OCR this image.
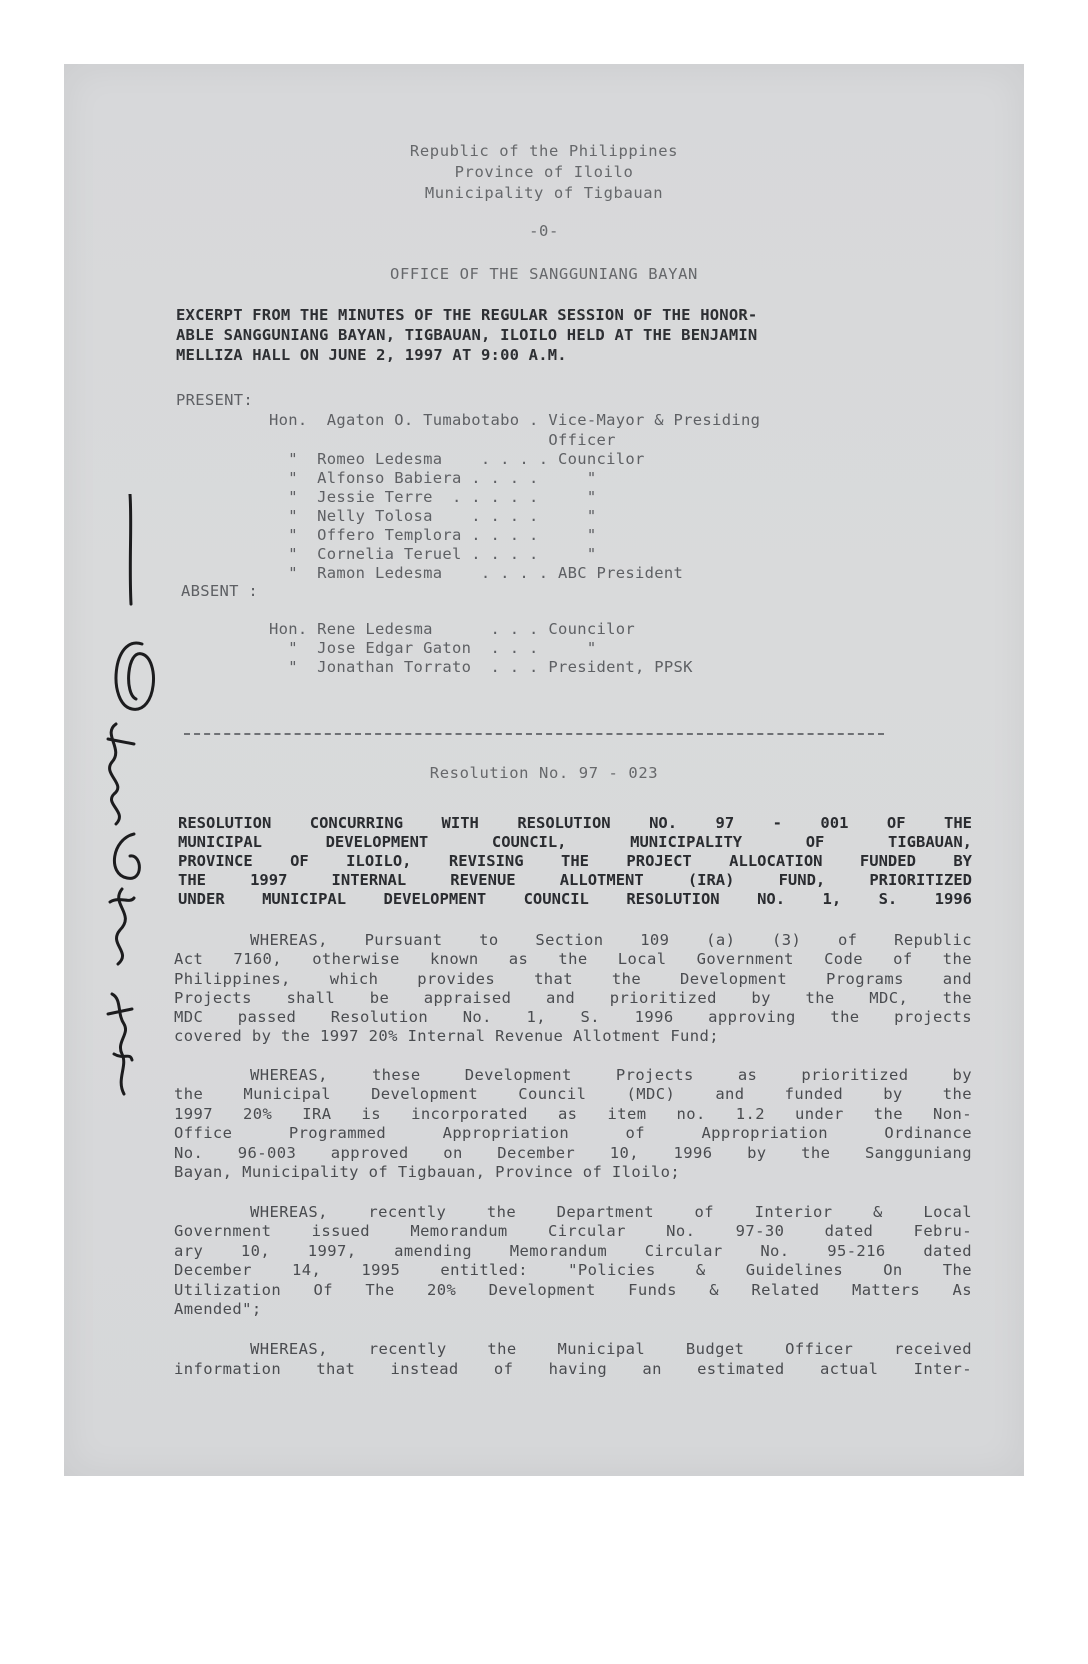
Republic of the Philippines
Province of Iloilo
Municipality of Tigbauan
-0-
OFFICE OF THE SANGGUNIANG BAYAN
EXCERPT FROM THE MINUTES OF THE REGULAR SESSION OF THE HONOR-
ABLE SANGGUNIANG BAYAN, TIGBAUAN, ILOILO HELD AT THE BENJAMIN
MELLIZA HALL ON JUNE 2, 1997 AT 9:00 A.M.
PRESENT:
Hon.  Agaton O. Tumabotabo . Vice-Mayor & Presiding
Officer
"  Romeo Ledesma    . . . . Councilor
"  Alfonso Babiera . . . .     "
"  Jessie Terre  . . . . .     "
"  Nelly Tolosa    . . . .     "
"  Offero Templora . . . .     "
"  Cornelia Teruel . . . .     "
"  Ramon Ledesma    . . . . ABC President
ABSENT :
Hon. Rene Ledesma      . . . Councilor
"  Jose Edgar Gaton  . . .     "
"  Jonathan Torrato  . . . President, PPSK
Resolution No. 97 - 023
RESOLUTION CONCURRING WITH RESOLUTION NO. 97 - 001 OF THE
MUNICIPAL DEVELOPMENT COUNCIL, MUNICIPALITY OF TIGBAUAN,
PROVINCE OF ILOILO, REVISING THE PROJECT ALLOCATION FUNDED BY
THE 1997 INTERNAL REVENUE ALLOTMENT (IRA) FUND, PRIORITIZED
UNDER MUNICIPAL DEVELOPMENT COUNCIL RESOLUTION NO. 1, S. 1996
WHEREAS, Pursuant to Section 109 (a) (3) of Republic
Act 7160, otherwise known as the Local Government Code of the
Philippines, which provides that the Development Programs and
Projects shall be appraised and prioritized by the MDC, the
MDC passed Resolution No. 1, S. 1996 approving the projects
covered by the 1997 20% Internal Revenue Allotment Fund;
WHEREAS, these Development Projects as prioritized by
the Municipal Development Council (MDC) and funded by the
1997 20% IRA is incorporated as item no. 1.2 under the Non-
Office Programmed Appropriation of Appropriation Ordinance
No. 96-003 approved on December 10, 1996 by the Sangguniang
Bayan, Municipality of Tigbauan, Province of Iloilo;
WHEREAS, recently the Department of Interior & Local
Government issued Memorandum Circular No. 97-30 dated Febru-
ary 10, 1997, amending Memorandum Circular No. 95-216 dated
December 14, 1995 entitled: "Policies & Guidelines On The
Utilization Of The 20% Development Funds & Related Matters As
Amended";
WHEREAS, recently the Municipal Budget Officer received
information that instead of having an estimated actual Inter-
